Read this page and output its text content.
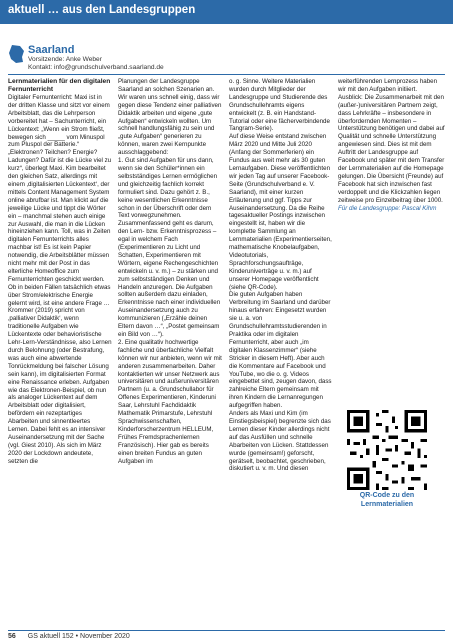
aktuell … aus den Landesgruppen
Saarland
Vorsitzende: Anke Weber
Kontakt: info@grundschulverband.saarland.de

Lernmaterialien für den digitalen Fernunterricht

Digitaler Fernunterricht: Maxi ist in der dritten Klasse und sitzt vor einem Arbeitsblatt, das die Lehrperson vorbereitet hat – Sachunterricht, ein Lückentext: „Wenn ein Strom fließt, bewegen sich _____ vom Minuspol zum Pluspol der Batterie.“ „Elektronen? Teilchen? Energie? Ladungen? Dafür ist die Lücke viel zu kurz“, überlegt Maxi. Kim bearbeitet den gleichen Satz, allerdings mit einem ‚digitalisierten Lückentext‘, der mittels Content Management System online abrufbar ist. Man klickt auf die jeweilige Lücke und tippt die Wörter ein – manchmal stehen auch einige zur Auswahl, die man in die Lücken hineinziehen kann. Toll, was in Zeiten digitalen Fernunterrichts alles machbar ist! Es ist kein Papier notwendig, die Arbeitsblätter müssen nicht mehr mit der Post in das elterliche Homeoffice zum Fernunterrichten geschickt werden. Ob in beiden Fällen tatsächlich etwas über Strom/elektrische Energie gelernt wird, ist eine andere Frage … Krommer (2019) spricht von ‚palliativer Didaktik‘, wenn traditionelle Aufgaben wie Lückentexte oder behavioristische Lehr-Lern-Verständnisse, also Lernen durch Belohnung (oder Bestrafung, was auch eine abwertende Tonrückmeldung bei falscher Lösung sein kann), im digitalisierten Format eine Renaissance erleben. Aufgaben wie das Elektronen-Beispiel, ob nun als analoger Lückentext auf dem Arbeitsblatt oder digitalisiert, befördern ein rezeptartiges Abarbeiten und sinnentleertes Lernen. Dabei fehlt es an intensiver Auseinandersetzung mit der Sache (vgl. Giest 2010). Als sich im März 2020 der Lockdown andeutete, setzten die

Planungen der Landesgruppe Saarland an solchen Szenarien an. Wir waren uns schnell einig, dass wir gegen diese Tendenz einer palliativen Didaktik arbeiten und eigene „gute Aufgaben“ entwickeln wollten. Um schnell handlungsfähig zu sein und „gute Aufgaben“ generieren zu können, waren zwei Kernpunkte ausschlaggebend:
1. Gut sind Aufgaben für uns dann, wenn sie den Schüler*innen ein selbstständiges Lernen ermöglichen und gleichzeitig fachlich korrekt formuliert sind. Dazu gehört z. B., keine wesentlichen Erkenntnisse schon in der Überschrift oder dem Text vorwegzunehmen. Zusammenfassend geht es darum, den Lern- bzw. Erkenntnisprozess – egal in welchem Fach (Experimentieren zu Licht und Schatten, Experimentieren mit Wörtern, eigene Rechengeschichten entwickeln u. v. m.) – zu stärken und zum selbstständigen Denken und Handeln anzuregen. Die Aufgaben sollten außerdem dazu einladen, Erkenntnisse nach einer individuellen Auseinandersetzung auch zu kommunizieren („Erzähle deinen Eltern davon …“, „Postet gemeinsam ein Bild von …“).
2. Eine qualitativ hochwertige fachliche und überfachliche Vielfalt können wir nur anbieten, wenn wir mit anderen zusammenarbeiten. Daher kontaktierten wir unser Netzwerk aus universitären und außeruniversitären Partnern (u. a. Grundschullabor für Offenes Experimentieren, Kinderuni Saar, Lehrstuhl Fachdidaktik Mathematik Primarstufe, Lehrstuhl Sprachwissenschaften, Kinderforscherzentrum HELLEUM, Frühes Fremdsprachenlernen Französisch). Hier gab es bereits einen breiten Fundus an guten Aufgaben im

o. g. Sinne. Weitere Materialien wurden durch Mitglieder der Landesgruppe und Studierende des Grundschullehramts eigens entwickelt (z. B. ein Handstand-Tutorial oder eine fächerverbindende Tangram-Serie).
Auf diese Weise entstand zwischen März 2020 und Mitte Juli 2020 (Anfang der Sommerferien) ein Fundus aus weit mehr als 30 guten Lernaufgaben. Diese veröffentlichten wir jeden Tag auf unserer Facebook-Seite (Grundschulverband e. V. Saarland), mit einer kurzen Erläuterung und ggf. Tipps zur Auseinandersetzung. Da die Reihe tagesaktueller Postings inzwischen eingestellt ist, haben wir die komplette Sammlung an Lernmaterialien (Experimentierseiten, mathematische Knobelaufgaben, Videotutorials, Sprachforschungsaufträge, Kinderuniverträge u. v. m.) auf unserer Homepage veröffentlicht (siehe QR-Code).
Die guten Aufgaben haben Verbreitung im Saarland und darüber hinaus erfahren: Eingesetzt wurden sie u. a. von Grundschullehramtsstudierenden in Praktika oder im digitalen Fernunterricht, aber auch „im digitalen Klassenzimmer“ (siehe Stricker in diesem Heft). Aber auch die Kommentare auf Facebook und YouTube, wo die o. g. Videos eingebettet sind, zeugen davon, dass zahlreiche Eltern gemeinsam mit ihren Kindern die Lernanregungen aufgegriffen haben.
Anders als Maxi und Kim (im Einstiegsbeispiel) begrenzte sich das Lernen dieser Kinder allerdings nicht auf das Ausfüllen und schnelle Abarbeiten von Lücken. Stattdessen wurde (gemeinsam!) geforscht, gerätselt, beobachtet, geschrieben, diskutiert u. v. m. Und diesen

weiterführenden Lernprozess haben wir mit den Aufgaben initiiert.
Ausblick: Die Zusammenarbeit mit den (außer-)universitären Partnern zeigt, dass Lehrkräfte – insbesondere in überfordernden Momenten – Unterstützung benötigen und dabei auf Qualität und schnelle Unterstützung angewiesen sind. Dies ist mit dem Auftritt der Landesgruppe auf Facebook und später mit dem Transfer der Lernmaterialien auf die Homepage gelungen. Die Übersicht (Freunde) auf Facebook hat sich inzwischen fast verdoppelt und die Klickzahlen liegen zeitweise pro Einzelbeitrag über 1000.

Für die Landesgruppe: Pascal Kihm

QR-Code zu den Lernmaterialien
56 GS aktuell 152 • November 2020
